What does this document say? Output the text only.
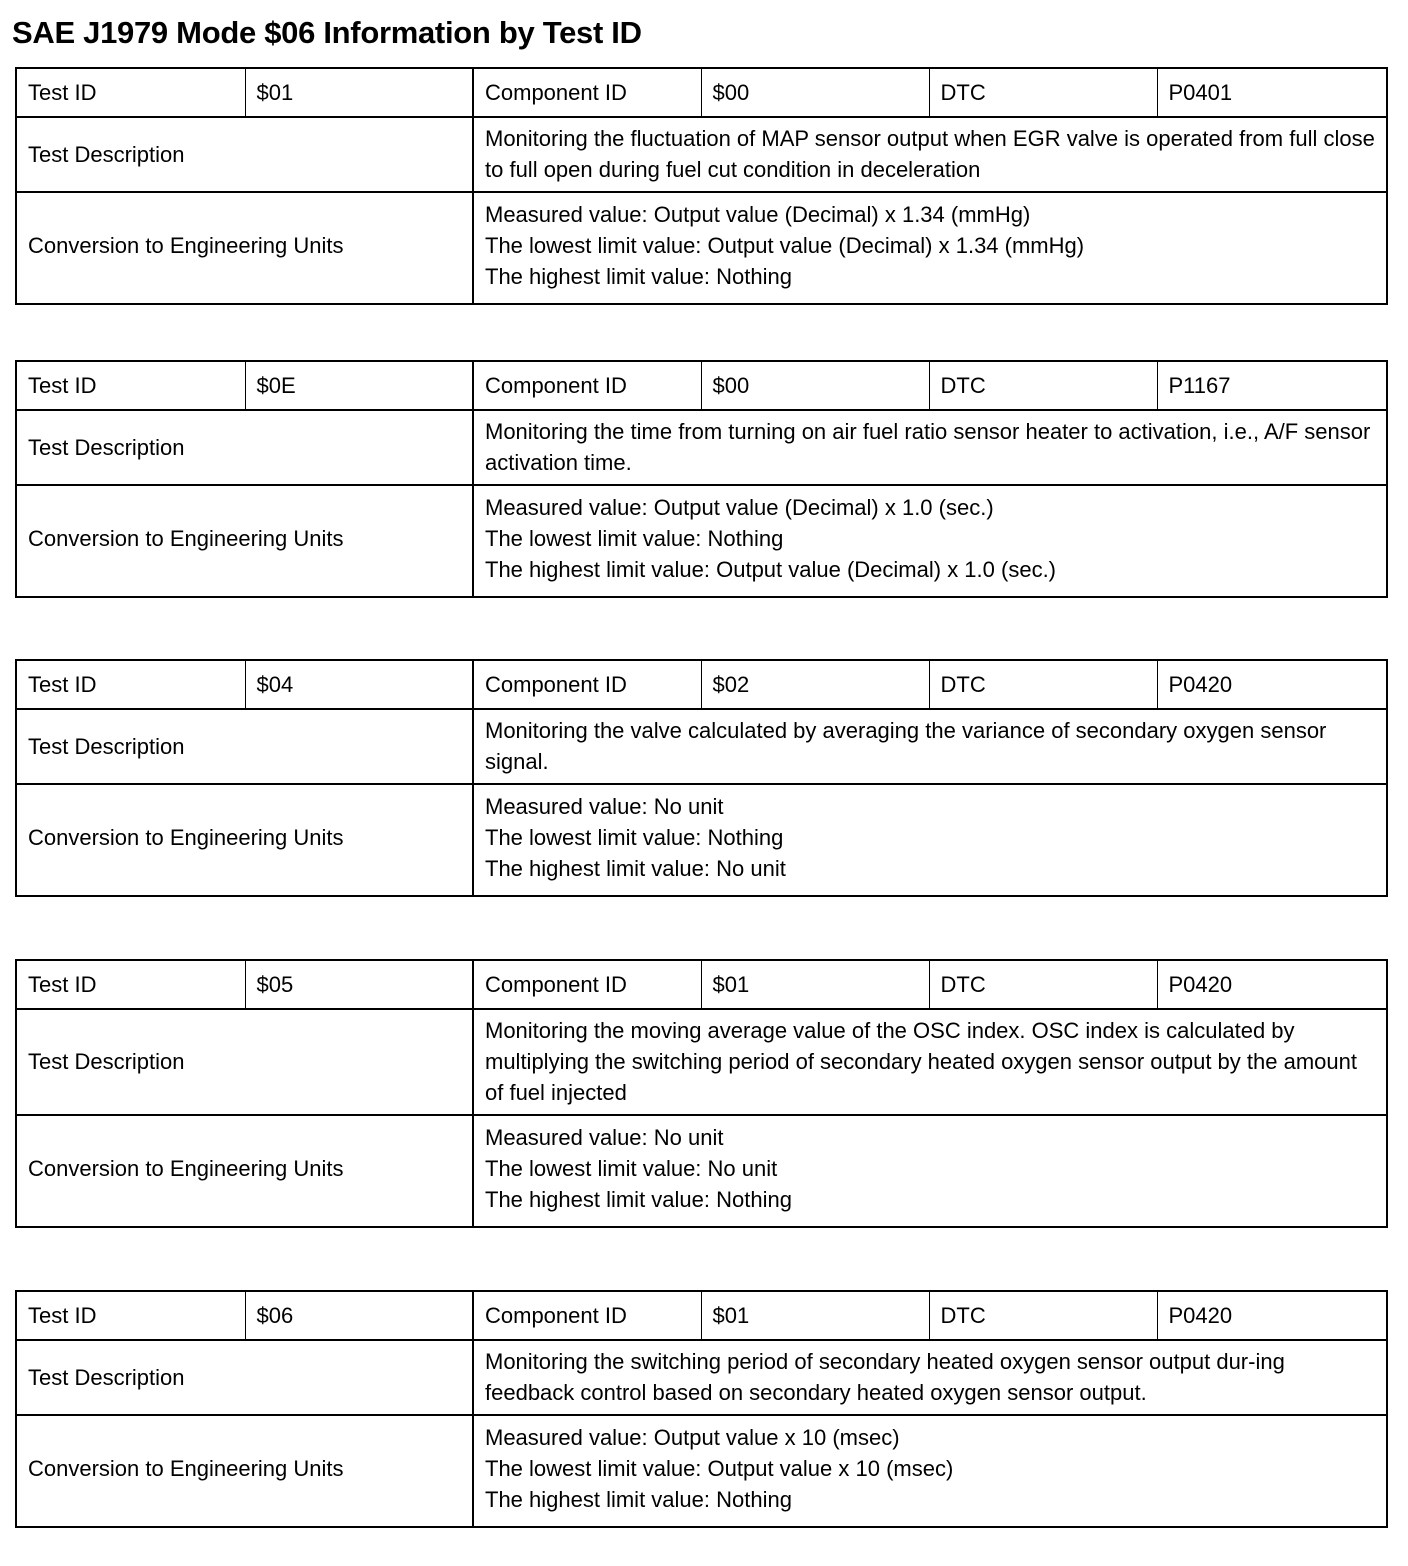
SAE J1979 Mode $06 Information by Test ID
Test ID	$01	Component ID	$00	DTC	P0401
Test Description		Monitoring the fluctuation of MAP sensor output when EGR valve is operated from full close to full open during fuel cut condition in deceleration			
Conversion to Engineering Units		Measured value: Output value (Decimal) x 1.34 (mmHg)
The lowest limit value: Output value (Decimal) x 1.34 (mmHg)
The highest limit value: Nothing			
Test ID	$0E	Component ID	$00	DTC	P1167
Test Description		Monitoring the time from turning on air fuel ratio sensor heater to activation, i.e., A/F sensor activation time.			
Conversion to Engineering Units		Measured value: Output value (Decimal) x 1.0 (sec.)
The lowest limit value: Nothing
The highest limit value: Output value (Decimal) x 1.0 (sec.)			
Test ID	$04	Component ID	$02	DTC	P0420
Test Description		Monitoring the valve calculated by averaging the variance of secondary oxygen sensor signal.			
Conversion to Engineering Units		Measured value: No unit
The lowest limit value: Nothing
The highest limit value: No unit			
Test ID	$05	Component ID	$01	DTC	P0420
Test Description		Monitoring the moving average value of the OSC index. OSC index is calculated by multiplying the switching period of secondary heated oxygen sensor output by the amount of fuel injected			
Conversion to Engineering Units		Measured value: No unit
The lowest limit value: No unit
The highest limit value: Nothing			
Test ID	$06	Component ID	$01	DTC	P0420
Test Description		Monitoring the switching period of secondary heated oxygen sensor output dur-ing feedback control based on secondary heated oxygen sensor output.			
Conversion to Engineering Units		Measured value: Output value x 10 (msec)
The lowest limit value: Output value x 10 (msec)
The highest limit value: Nothing			
